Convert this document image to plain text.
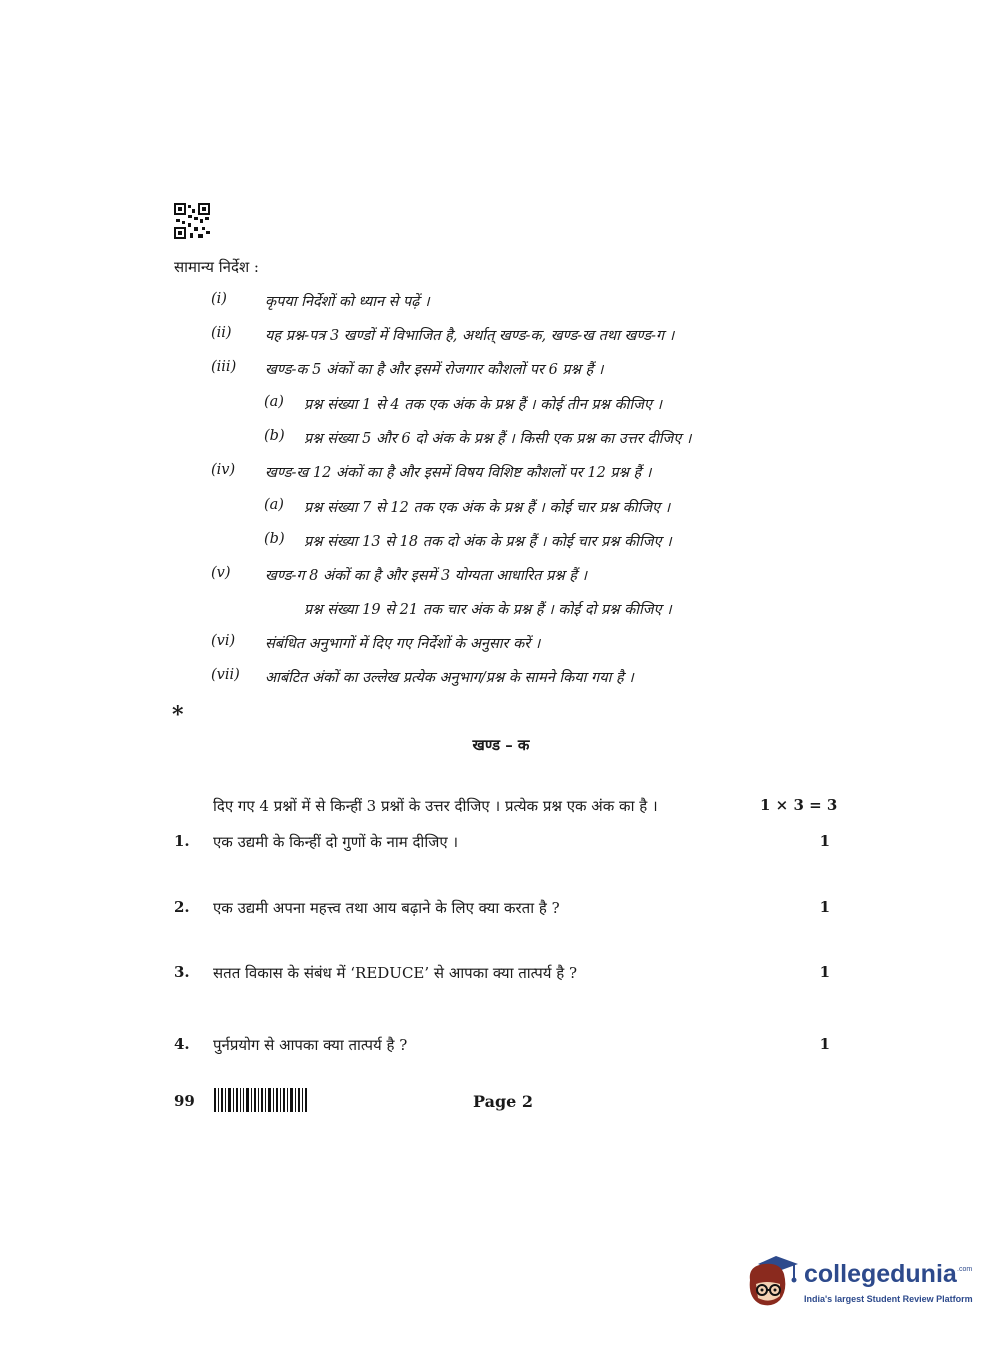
सामान्य निर्देश :
(i)	कृपया निर्देशों को ध्यान से पढ़ें ।
(ii) यह प्रश्न-पत्र 3 खण्डों में विभाजित है, अर्थात् खण्ड-क, खण्ड-ख तथा खण्ड-ग ।
(iii) खण्ड-क 5 अंकों का है और इसमें रोजगार कौशलों पर 6 प्रश्न हैं ।
(a) प्रश्न संख्या 1 से 4 तक एक अंक के प्रश्न हैं । कोई तीन प्रश्न कीजिए ।
(b) प्रश्न संख्या 5 और 6 दो अंक के प्रश्न हैं । किसी एक प्रश्न का उत्तर दीजिए ।
(iv) खण्ड-ख 12 अंकों का है और इसमें विषय विशिष्ट कौशलों पर 12 प्रश्न हैं ।
(a) प्रश्न संख्या 7 से 12 तक एक अंक के प्रश्न हैं । कोई चार प्रश्न कीजिए ।
(b) प्रश्न संख्या 13 से 18 तक दो अंक के प्रश्न हैं । कोई चार प्रश्न कीजिए ।
(v) खण्ड-ग 8 अंकों का है और इसमें 3 योग्यता आधारित प्रश्न हैं ।
प्रश्न संख्या 19 से 21 तक चार अंक के प्रश्न हैं । कोई दो प्रश्न कीजिए ।
(vi) संबंधित अनुभागों में दिए गए निर्देशों के अनुसार करें ।
(vii) आबंटित अंकों का उल्लेख प्रत्येक अनुभाग/प्रश्न के सामने किया गया है ।
*
खण्ड – क
दिए गए 4 प्रश्नों में से किन्हीं 3 प्रश्नों के उत्तर दीजिए । प्रत्येक प्रश्न एक अंक का है ।	1 × 3 = 3
1. एक उद्यमी के किन्हीं दो गुणों के नाम दीजिए ।	1
2. एक उद्यमी अपना महत्त्व तथा आय बढ़ाने के लिए क्या करता है ?	1
3. सतत विकास के संबंध में ‘REDUCE’ से आपका क्या तात्पर्य है ?	1
4. पुर्नप्रयोग से आपका क्या तात्पर्य है ?	1
99	Page 2
collegedunia .com
India's largest Student Review Platform
